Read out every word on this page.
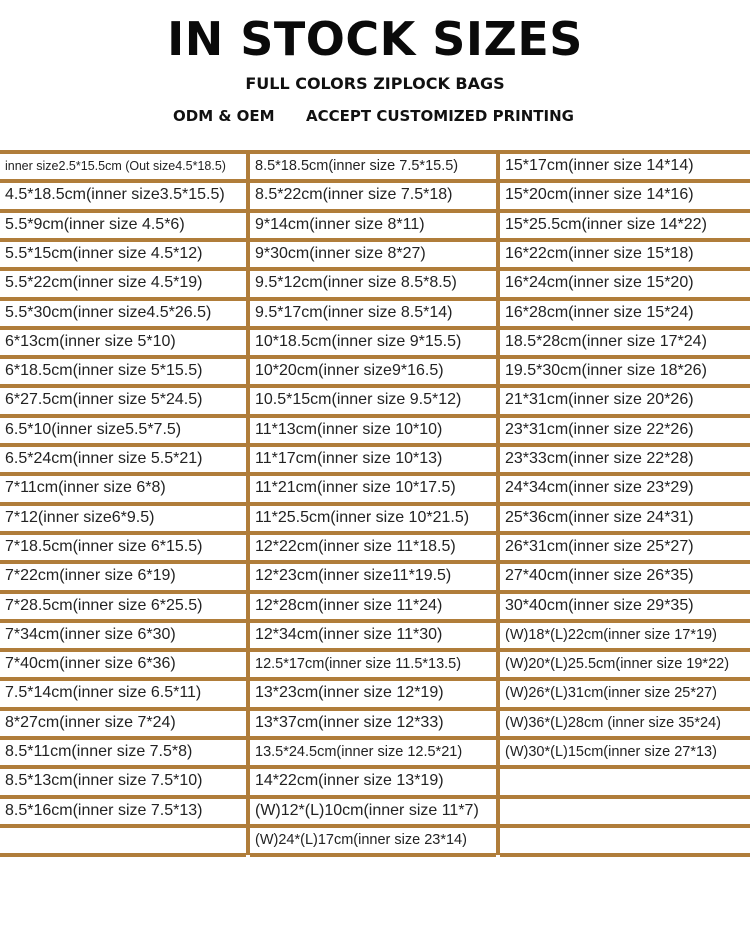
IN STOCK SIZES
FULL COLORS ZIPLOCK BAGS
ODM & OEM ACCEPT CUSTOMIZED PRINTING
inner size2.5*15.5cm (Out size4.5*18.5)
4.5*18.5cm(inner size3.5*15.5)
5.5*9cm(inner size 4.5*6)
5.5*15cm(inner size 4.5*12)
5.5*22cm(inner size 4.5*19)
5.5*30cm(inner size4.5*26.5)
6*13cm(inner size 5*10)
6*18.5cm(inner size 5*15.5)
6*27.5cm(inner size 5*24.5)
6.5*10(inner size5.5*7.5)
6.5*24cm(inner size 5.5*21)
7*11cm(inner size 6*8)
7*12(inner size6*9.5)
7*18.5cm(inner size 6*15.5)
7*22cm(inner size 6*19)
7*28.5cm(inner size 6*25.5)
7*34cm(inner size 6*30)
7*40cm(inner size 6*36)
7.5*14cm(inner size 6.5*11)
8*27cm(inner size 7*24)
8.5*11cm(inner size 7.5*8)
8.5*13cm(inner size 7.5*10)
8.5*16cm(inner size 7.5*13)
8.5*18.5cm(inner size 7.5*15.5)
8.5*22cm(inner size 7.5*18)
9*14cm(inner size 8*11)
9*30cm(inner size 8*27)
9.5*12cm(inner size 8.5*8.5)
9.5*17cm(inner size 8.5*14)
10*18.5cm(inner size 9*15.5)
10*20cm(inner size9*16.5)
10.5*15cm(inner size 9.5*12)
11*13cm(inner size 10*10)
11*17cm(inner size 10*13)
11*21cm(inner size 10*17.5)
11*25.5cm(inner size 10*21.5)
12*22cm(inner size 11*18.5)
12*23cm(inner size11*19.5)
12*28cm(inner size 11*24)
12*34cm(inner size 11*30)
12.5*17cm(inner size 11.5*13.5)
13*23cm(inner size 12*19)
13*37cm(inner size 12*33)
13.5*24.5cm(inner size 12.5*21)
14*22cm(inner size 13*19)
(W)12*(L)10cm(inner size 11*7)
(W)24*(L)17cm(inner size 23*14)
15*17cm(inner size 14*14)
15*20cm(inner size 14*16)
15*25.5cm(inner size 14*22)
16*22cm(inner size 15*18)
16*24cm(inner size 15*20)
16*28cm(inner size 15*24)
18.5*28cm(inner size 17*24)
19.5*30cm(inner size 18*26)
21*31cm(inner size 20*26)
23*31cm(inner size 22*26)
23*33cm(inner size 22*28)
24*34cm(inner size 23*29)
25*36cm(inner size 24*31)
26*31cm(inner size 25*27)
27*40cm(inner size 26*35)
30*40cm(inner size 29*35)
(W)18*(L)22cm(inner size 17*19)
(W)20*(L)25.5cm(inner size 19*22)
(W)26*(L)31cm(inner size 25*27)
(W)36*(L)28cm (inner size 35*24)
(W)30*(L)15cm(inner size 27*13)
